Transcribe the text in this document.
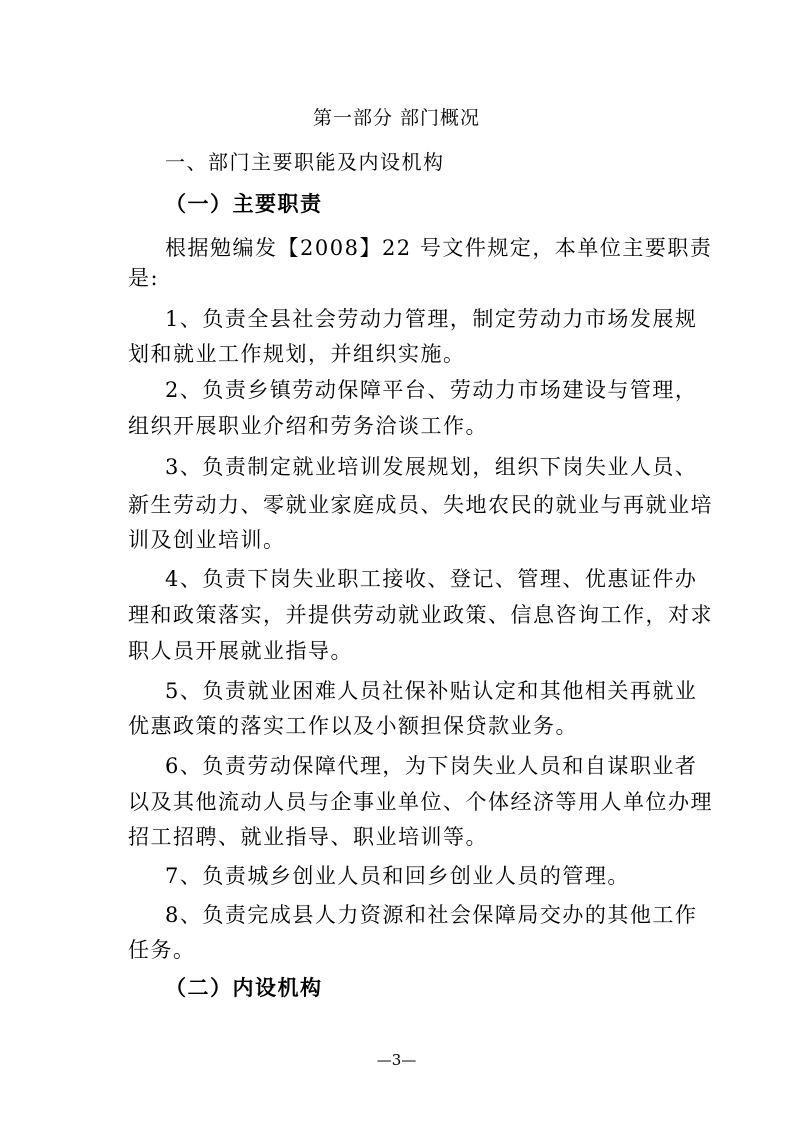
第一部分 部门概况
一、部门主要职能及内设机构
（一）主要职责
根据勉编发【2008】22 号文件规定，本单位主要职责
是:
1、负责全县社会劳动力管理，制定劳动力市场发展规
划和就业工作规划，并组织实施。
2、负责乡镇劳动保障平台、劳动力市场建设与管理，
组织开展职业介绍和劳务洽谈工作。
3、负责制定就业培训发展规划，组织下岗失业人员、
新生劳动力、零就业家庭成员、失地农民的就业与再就业培
训及创业培训。
4、负责下岗失业职工接收、登记、管理、优惠证件办
理和政策落实，并提供劳动就业政策、信息咨询工作，对求
职人员开展就业指导。
5、负责就业困难人员社保补贴认定和其他相关再就业
优惠政策的落实工作以及小额担保贷款业务。
6、负责劳动保障代理，为下岗失业人员和自谋职业者
以及其他流动人员与企事业单位、个体经济等用人单位办理
招工招聘、就业指导、职业培训等。
7、负责城乡创业人员和回乡创业人员的管理。
8、负责完成县人力资源和社会保障局交办的其他工作
任务。
（二）内设机构
—3—
